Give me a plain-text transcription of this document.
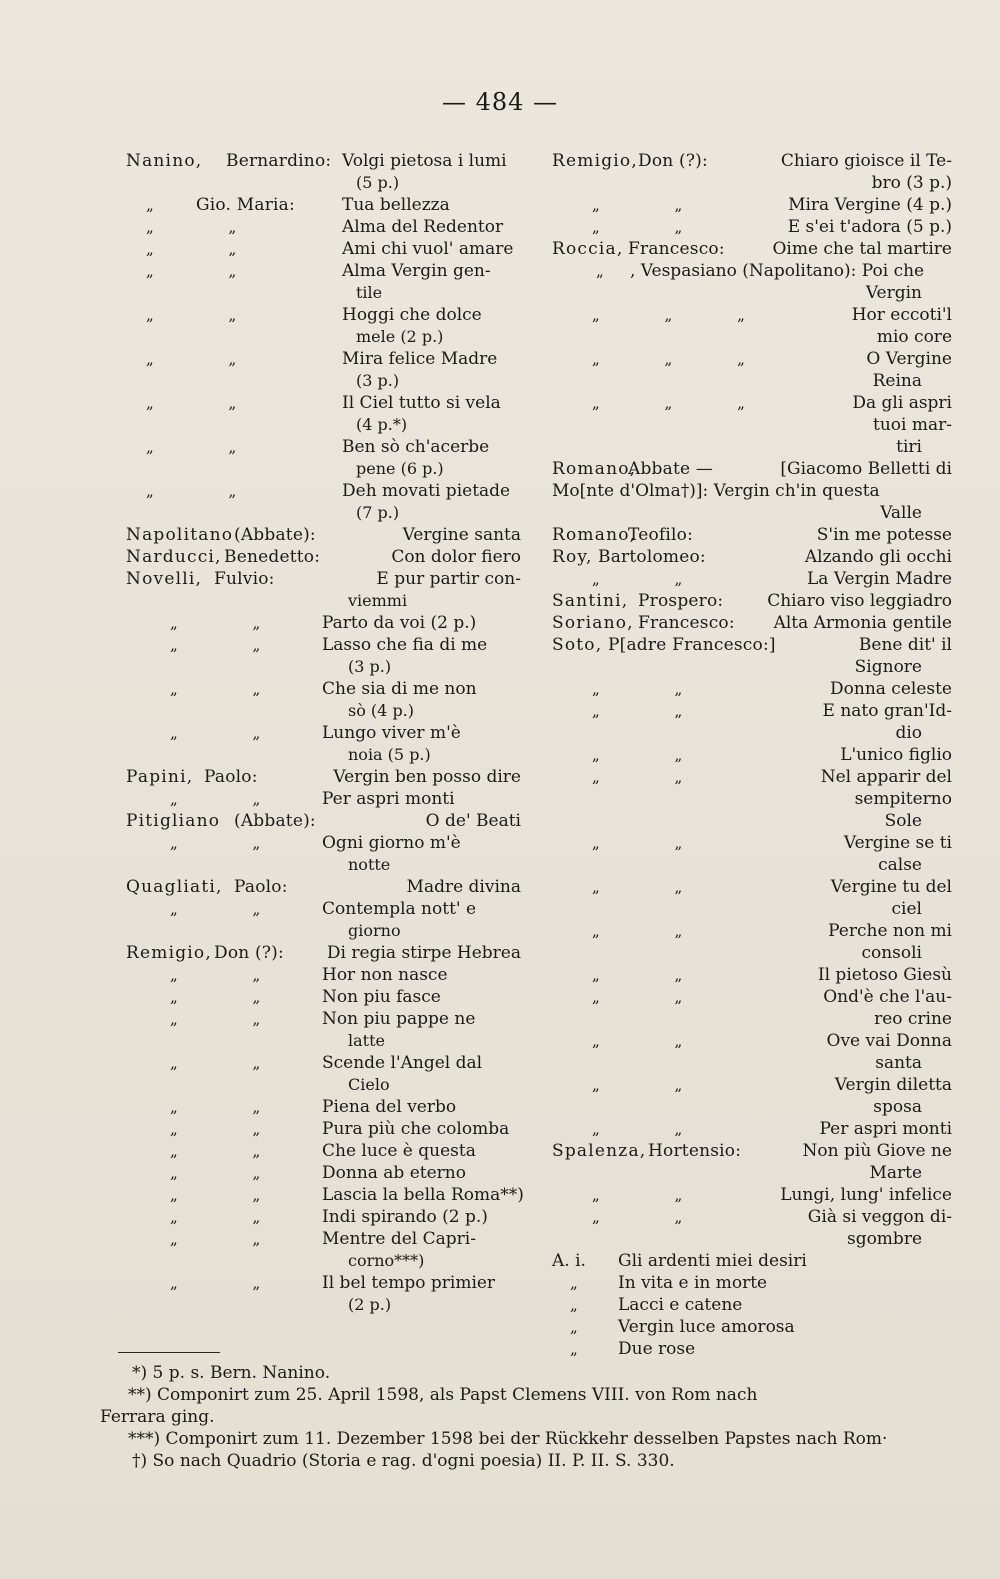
— 484 —
Nanino, Bernardino: Volgi pietosa i lumi
(5 p.)
„ Gio. Maria:	Tua bellezza
„ „	Alma del Redentor
„ „	Ami chi vuol' amare
„ „	Alma Vergin gen-
tile
„ „	Hoggi che dolce
mele (2 p.)
„ „	Mira felice Madre
(3 p.)
„ „	Il Ciel tutto si vela
(4 p.*)
„ „	Ben sò ch'acerbe
pene (6 p.)
„ „	Deh movati pietade
(7 p.)
Napolitano (Abbate):	Vergine santa
Narducci, Benedetto:	Con dolor fiero
Novelli, Fulvio:	E pur partir con-
viemmi
„ „	Parto da voi (2 p.)
„ „	Lasso che fia di me
(3 p.)
„ „	Che sia di me non
sò (4 p.)
„ „	Lungo viver m'è
noia (5 p.)
Papini, Paolo:	Vergin ben posso dire
„ „	Per aspri monti
Pitigliano (Abbate):	O de' Beati
„ „	Ogni giorno m'è
notte
Quagliati, Paolo:	Madre divina
„ „	Contempla nott' e
giorno
Remigio, Don (?):	Di regia stirpe Hebrea
„ „	Hor non nasce
„ „	Non piu fasce
„ „	Non piu pappe ne
latte
„ „	Scende l'Angel dal
Cielo
„ „	Piena del verbo
„ „	Pura più che colomba
„ „	Che luce è questa
„ „	Donna ab eterno
„ „	Lascia la bella Roma**)
„ „	Indi spirando (2 p.)
„ „	Mentre del Capri-
corno***)
„ „	Il bel tempo primier
(2 p.)
Remigio, Don (?):	Chiaro gioisce il Te-
bro (3 p.)
„ „	Mira Vergine (4 p.)
„ „	E s'ei t'adora (5 p.)
Roccia, Francesco:	Oime che tal martire
„ , Vespasiano (Napolitano): Poi che
Vergin
„ „ „	Hor eccoti'l
mio core
„ „ „	O Vergine
Reina
„ „ „	Da gli aspri
tuoi mar-
tiri
Romano,
Abbate —	[Giacomo Belletti di
Mo[nte d'Olma†)]: Vergin ch'in questa
Valle
Romano,
Teofilo:	S'in me potesse
Roy, Bartolomeo:	Alzando gli occhi
„ „	La Vergin Madre
Santini, Prospero:	Chiaro viso leggiadro
Soriano, Francesco: Alta Armonia gentile
Soto, P[adre Francesco:]	Bene dit' il
Signore
„ „	Donna celeste
„ „	E nato gran'Id-
dio
„ „	L'unico figlio
„ „	Nel apparir del
sempiterno
Sole
„ „	Vergine se ti
calse
„ „	Vergine tu del
ciel
„ „	Perche non mi
consoli
„ „	Il pietoso Giesù
„ „	Ond'è che l'au-
reo crine
„ „	Ove vai Donna
santa
„ „	Vergin diletta
sposa
„ „	Per aspri monti
Spalenza, Hortensio:	Non più Giove ne
Marte
„ „	Lungi, lung' infelice
„ „	Già si veggon di-
sgombre
A. i. Gli ardenti miei desiri
„ In vita e in morte
„ Lacci e catene
„ Vergin luce amorosa
„ Due rose
*) 5 p. s. Bern. Nanino.
**) Componirt zum 25. April 1598, als Papst Clemens VIII. von Rom nach
Ferrara ging.
***) Componirt zum 11. Dezember 1598 bei der Rückkehr desselben Papstes nach Rom·
†) So nach Quadrio (Storia e rag. d'ogni poesia) II. P. II. S. 330.
